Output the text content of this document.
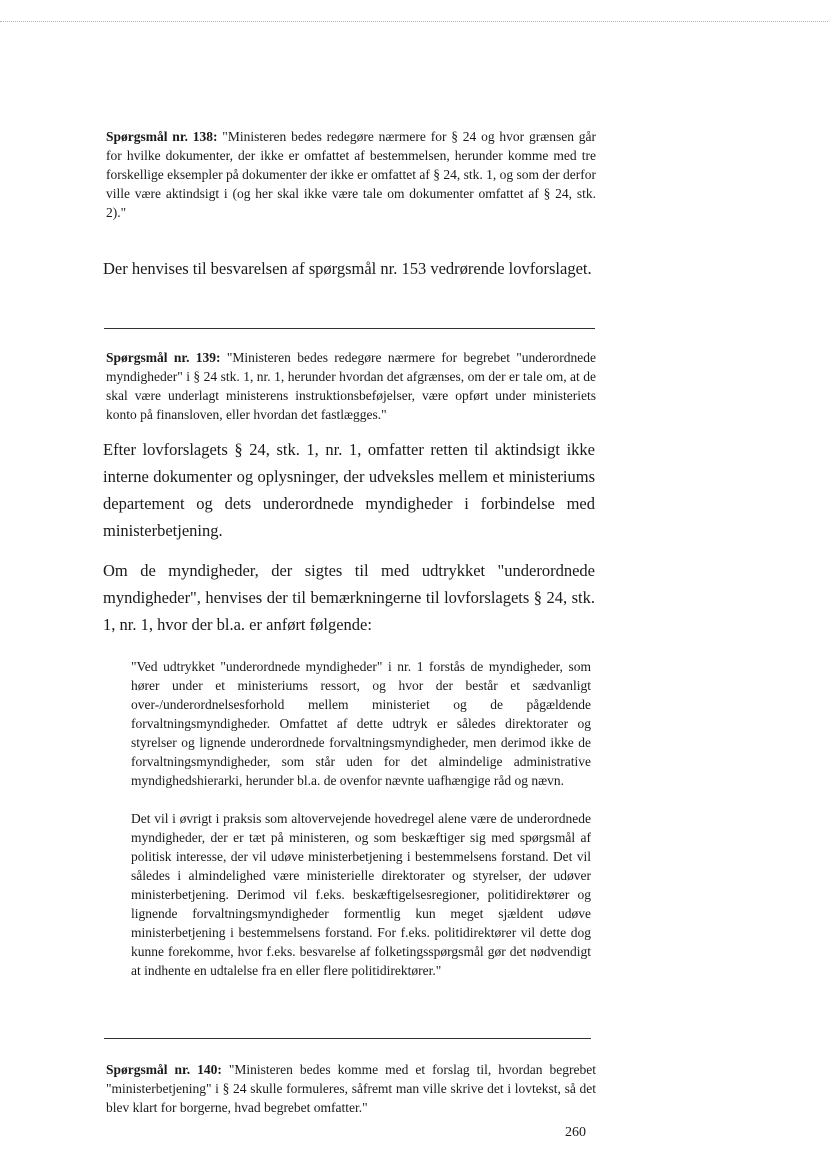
Spørgsmål nr. 138: "Ministeren bedes redegøre nærmere for § 24 og hvor grænsen går for hvilke dokumenter, der ikke er omfattet af bestemmelsen, herunder komme med tre forskellige eksempler på dokumenter der ikke er omfattet af § 24, stk. 1, og som der derfor ville være aktindsigt i (og her skal ikke være tale om dokumenter omfattet af § 24, stk. 2)."
Der henvises til besvarelsen af spørgsmål nr. 153 vedrørende lovforslaget.
Spørgsmål nr. 139: "Ministeren bedes redegøre nærmere for begrebet "underordnede myndigheder" i § 24 stk. 1, nr. 1, herunder hvordan det afgrænses, om der er tale om, at de skal være underlagt ministerens instruktionsbeføjelser, være opført under ministeriets konto på finansloven, eller hvordan det fastlægges."
Efter lovforslagets § 24, stk. 1, nr. 1, omfatter retten til aktindsigt ikke interne dokumenter og oplysninger, der udveksles mellem et ministeriums departement og dets underordnede myndigheder i forbindelse med ministerbetjening.
Om de myndigheder, der sigtes til med udtrykket "underordnede myndigheder", henvises der til bemærkningerne til lovforslagets § 24, stk. 1, nr. 1, hvor der bl.a. er anført følgende:

"Ved udtrykket "underordnede myndigheder" i nr. 1 forstås de myndigheder, som hører under et ministeriums ressort, og hvor der består et sædvanligt over-/underordnelsesforhold mellem ministeriet og de pågældende forvaltningsmyndigheder. Omfattet af dette udtryk er således direktorater og styrelser og lignende underordnede forvaltningsmyndigheder, men derimod ikke de forvaltningsmyndigheder, som står uden for det almindelige administrative myndighedshierarki, herunder bl.a. de ovenfor nævnte uafhængige råd og nævn.

Det vil i øvrigt i praksis som altovervejende hovedregel alene være de underordnede myndigheder, der er tæt på ministeren, og som beskæftiger sig med spørgsmål af politisk interesse, der vil udøve ministerbetjening i bestemmelsens forstand. Det vil således i almindelighed være ministerielle direktorater og styrelser, der udøver ministerbetjening. Derimod vil f.eks. beskæftigelsesregioner, politidirektører og lignende forvaltningsmyndigheder formentlig kun meget sjældent udøve ministerbetjening i bestemmelsens forstand. For f.eks. politidirektører vil dette dog kunne forekomme, hvor f.eks. besvarelse af folketingsspørgsmål gør det nødvendigt at indhente en udtalelse fra en eller flere politidirektører."

Spørgsmål nr. 140: "Ministeren bedes komme med et forslag til, hvordan begrebet "ministerbetjening" i § 24 skulle formuleres, såfremt man ville skrive det i lovtekst, så det blev klart for borgerne, hvad begrebet omfatter."
260
